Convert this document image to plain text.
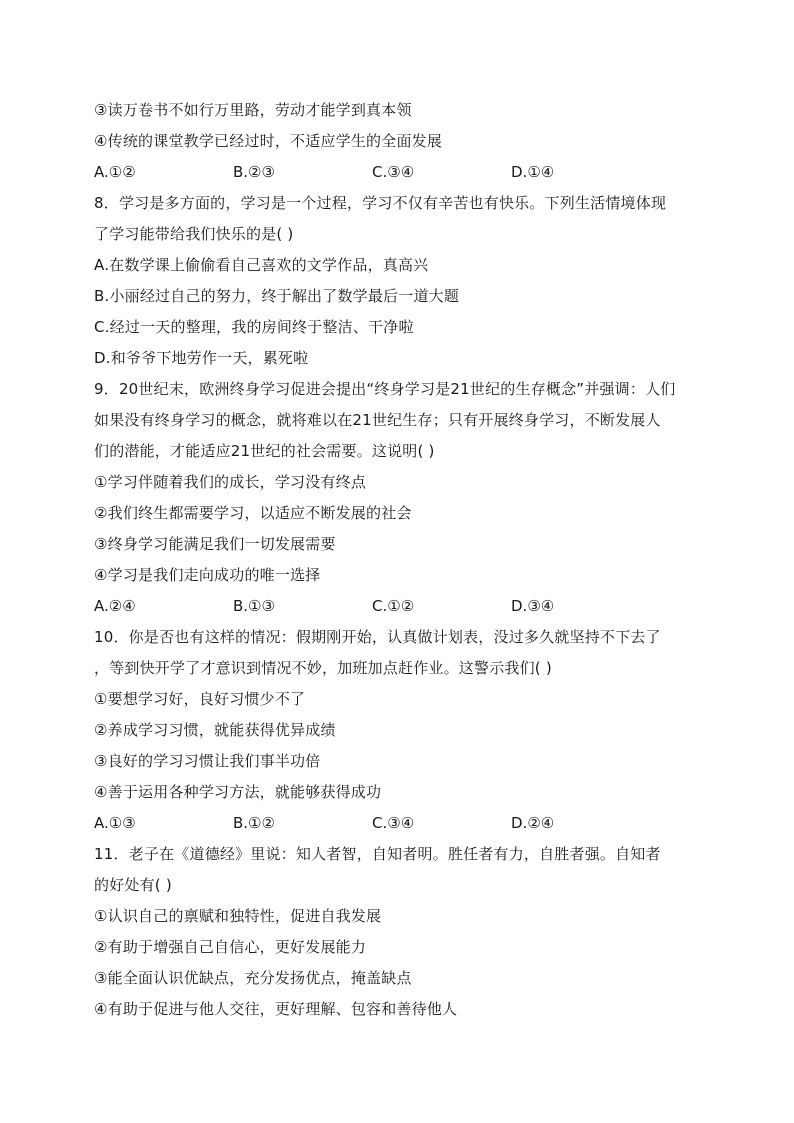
③读万卷书不如行万里路，劳动才能学到真本领
④传统的课堂教学已经过时，不适应学生的全面发展
A.①②	B.②③	C.③④	D.①④
8．学习是多方面的，学习是一个过程，学习不仅有辛苦也有快乐。下列生活情境体现
了学习能带给我们快乐的是( )
A.在数学课上偷偷看自己喜欢的文学作品，真高兴
B.小丽经过自己的努力，终于解出了数学最后一道大题
C.经过一天的整理，我的房间终于整洁、干净啦
D.和爷爷下地劳作一天，累死啦
9．20世纪末，欧洲终身学习促进会提出“终身学习是21世纪的生存概念”并强调：人们
如果没有终身学习的概念，就将难以在21世纪生存；只有开展终身学习，不断发展人
们的潜能，才能适应21世纪的社会需要。这说明( )
①学习伴随着我们的成长，学习没有终点
②我们终生都需要学习，以适应不断发展的社会
③终身学习能满足我们一切发展需要
④学习是我们走向成功的唯一选择
A.②④	B.①③	C.①②	D.③④
10．你是否也有这样的情况：假期刚开始，认真做计划表，没过多久就坚持不下去了
，等到快开学了才意识到情况不妙，加班加点赶作业。这警示我们( )
①要想学习好，良好习惯少不了
②养成学习习惯，就能获得优异成绩
③良好的学习习惯让我们事半功倍
④善于运用各种学习方法，就能够获得成功
A.①③	B.①②	C.③④	D.②④
11．老子在《道德经》里说：知人者智，自知者明。胜任者有力，自胜者强。自知者
的好处有( )
①认识自己的禀赋和独特性，促进自我发展
②有助于增强自己自信心，更好发展能力
③能全面认识优缺点，充分发扬优点，掩盖缺点
④有助于促进与他人交往，更好理解、包容和善待他人
